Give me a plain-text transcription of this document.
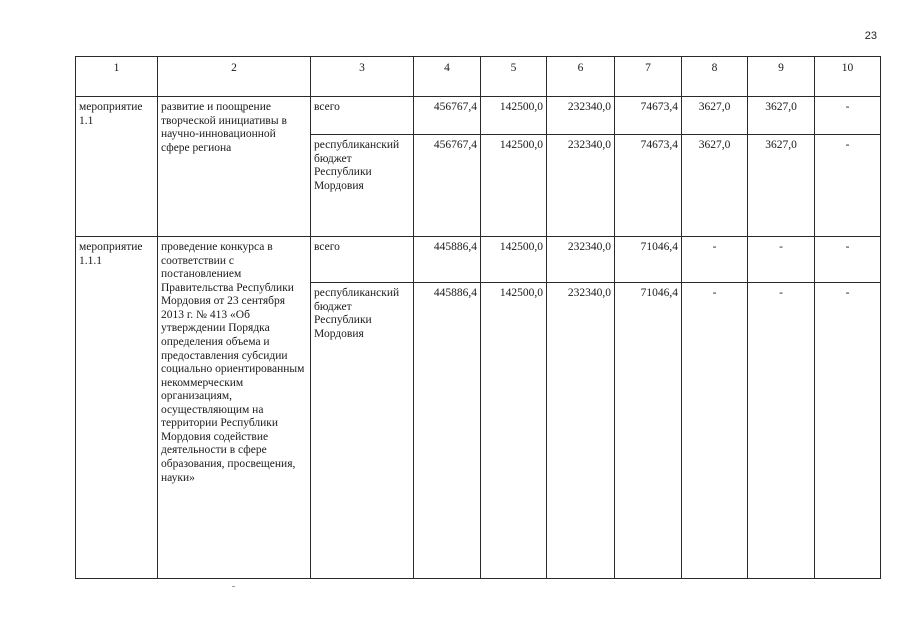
23
1	2	3	4	5	6	7	8	9	10
мероприятие 1.1	развитие и поощрение творческой инициативы в научно-инновационной сфере региона	всего	456767,4	142500,0	232340,0	74673,4	3627,0	3627,0	-
		республиканский бюджет Республики Мордовия	456767,4	142500,0	232340,0	74673,4	3627,0	3627,0	-
мероприятие 1.1.1	проведение конкурса в соответствии с постановлением Правительства Республики Мордовия от 23 сентября 2013 г. № 413 «Об утверждении Порядка определения объема и предоставления субсидии социально ориентированным некоммерческим организациям, осуществляющим на территории Республики Мордовия содействие деятельности в сфере образования, просвещения, науки»	всего	445886,4	142500,0	232340,0	71046,4	-	-	-
		республиканский бюджет Республики Мордовия	445886,4	142500,0	232340,0	71046,4	-	-	-
